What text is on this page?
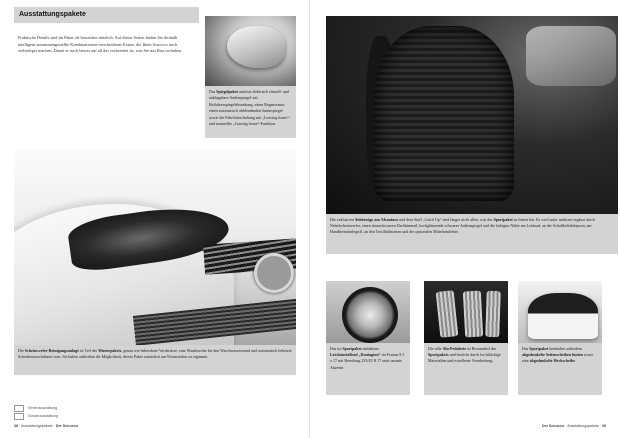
Ausstattungspakete

Praktische Details sind im Paket oft besonders nützlich. Auf dieser Seiten finden Sie deshalb intelligent zusammengestellte Kombinationen verschiedener Extras, die Ihren Scirocco noch vielseitiger machen. Damit er noch besser auf all das vorbereitet ist, was Sie mit Ihm vorhaben.

Das Spiegelpaket umfasst elektrisch einstell- und anklappbare Außenspiegel mit Beifahrerspiegelabsenkung, einen Regensensor, einen automatisch abblendenden Innenspiegel sowie die Fahrlichtschaltung mit „Leaving home“- und manueller „Coming home“-Funktion.
Die Scheinwerfer-Reinigungsanlage ist Teil des Winterpakets, genau wie beheizbare Vordersitze, eine Warnleuchte für den Waschwasserstand und automatisch beheizte Scheibenwaschdüsen vorn. Sie haben außerdem die Möglichkeit, dieses Paket zusätzlich um Winterreifen zu ergänzen.
Serienausstattung
Sonderausstattung
38 · Ausstattungspakete · Der Scirocco
Die exklusiven Sitzbezüge aus Alcantara und dem Stoff „Catch Up“ sind länger nicht allen, was das Sportpaket zu bieten hat. Es wird unter anderem ergänzt durch Nebelscheinwerfer, einen titanschwarzen Dachhimmel, hochglänzende schwarze Außenspiegel und die farbigen Nähte am Lenkrad, an der Schaltbeleikelapsen, am Handbremsbelegriff, an den Textilfußmatten und der optionalen Mittelarmlehne.
Das im Sportpaket enthaltene Leichtmetallrad „Donington“ im Format 8 J x 17 mit Bereifung 235/45 R 17 setzt rasante Akzente.
Die edle Alu-Pedalerie ist Bestandteil des Sportpakets und besticht durch hochflächige Materialien und exzellente Verarbeitung.
Das Sportpaket beinhaltet außerdem abgedunkelte Seitenscheiben hinten sowie eine abgedunkelte Heckscheibe.
Der Scirocco · Ausstattungspakete · 39
